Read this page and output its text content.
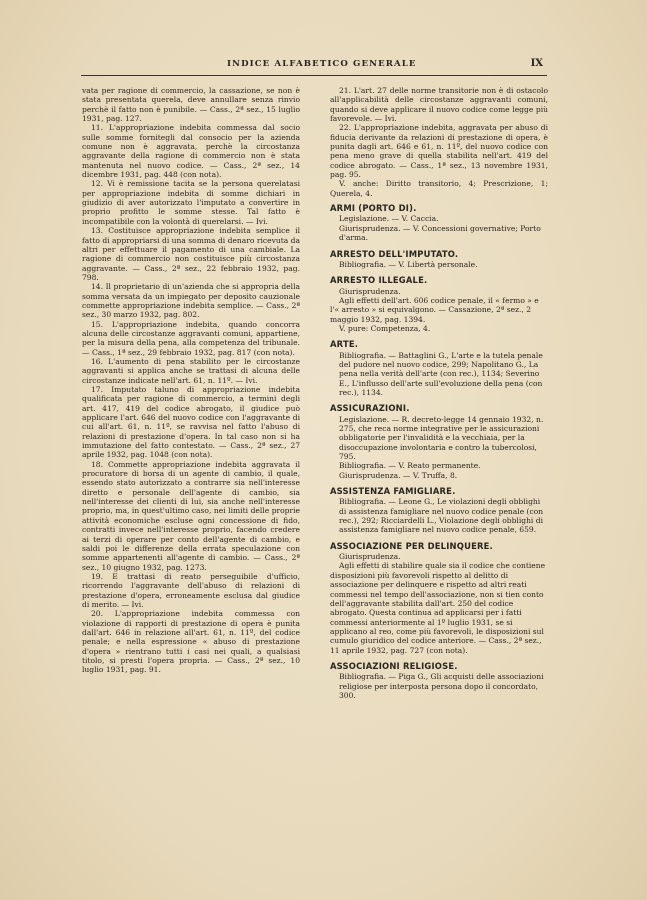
INDICE ALFABETICO GENERALE	IX

vata per ragione di commercio, la cassazione, se non è stata presentata querela, deve annullare senza rinvio perchè il fatto non è punibile. — Cass., 2ª sez., 15 luglio 1931, pag. 127.

11. L'appropriazione indebita commessa dal socio sulle somme fornitegli dal consocio per la azienda comune non è aggravata, perchè la circostanza aggravante della ragione di commercio non è stata mantenuta nel nuovo codice. — Cass., 2ª sez., 14 dicembre 1931, pag. 448 (con nota).

12. Vi è remissione tacita se la persona querelatasi per appropriazione indebita di somme dichiari in giudizio di aver autorizzato l'imputato a convertire in proprio profitto le somme stesse. Tal fatto è incompatibile con la volontà di querelarsi. — Ivi.

13. Costituisce appropriazione indebita semplice il fatto di appropriarsi di una somma di denaro ricevuta da altri per effettuare il pagamento di una cambiale. La ragione di commercio non costituisce più circostanza aggravante. — Cass., 2ª sez., 22 febbraio 1932, pag. 798.

14. Il proprietario di un'azienda che si appropria della somma versata da un impiegato per deposito cauzionale commette appropriazione indebita semplice. — Cass., 2ª sez., 30 marzo 1932, pag. 802.

15. L'appropriazione indebita, quando concorra alcuna delle circostanze aggravanti comuni, appartiene, per la misura della pena, alla competenza del tribunale. — Cass., 1ª sez., 29 febbraio 1932, pag. 817 (con nota).

16. L'aumento di pena stabilito per le circostanze aggravanti si applica anche se trattasi di alcuna delle circostanze indicate nell'art. 61, n. 11º. — Ivi.

17. Imputato taluno di appropriazione indebita qualificata per ragione di commercio, a termini degli art. 417, 419 del codice abrogato, il giudice può applicare l'art. 646 del nuovo codice con l'aggravante di cui all'art. 61, n. 11º, se ravvisa nel fatto l'abuso di relazioni di prestazione d'opera. In tal caso non si ha immutazione del fatto contestato. — Cass., 2ª sez., 27 aprile 1932, pag. 1048 (con nota).

18. Commette appropriazione indebita aggravata il procuratore di borsa di un agente di cambio, il quale, essendo stato autorizzato a contrarre sia nell'interesse diretto e personale dell'agente di cambio, sia nell'interesse dei clienti di lui, sia anche nell'interesse proprio, ma, in quest'ultimo caso, nei limiti delle proprie attività economiche escluse ogni concessione di fido, contratti invece nell'interesse proprio, facendo credere ai terzi di operare per conto dell'agente di cambio, e saldi poi le differenze della errata speculazione con somme appartenenti all'agente di cambio. — Cass., 2ª sez., 10 giugno 1932, pag. 1273.

19. E trattasi di reato perseguibile d'ufficio, ricorrendo l'aggravante dell'abuso di relazioni di prestazione d'opera, erroneamente esclusa dal giudice di merito. — Ivi.

20. L'appropriazione indebita commessa con violazione di rapporti di prestazione di opera è punita dall'art. 646 in relazione all'art. 61, n. 11º, del codice penale; e nella espressione « abuso di prestazione d'opera » rientrano tutti i casi nei quali, a qualsiasi titolo, si presti l'opera propria. — Cass., 2ª sez., 10 luglio 1931, pag. 91.

21. L'art. 27 delle norme transitorie non è di ostacolo all'applicabilità delle circostanze aggravanti comuni, quando si deve applicare il nuovo codice come legge più favorevole. — Ivi.

22. L'appropriazione indebita, aggravata per abuso di fiducia derivante da relazioni di prestazione di opera, è punita dagli art. 646 e 61, n. 11º, del nuovo codice con pena meno grave di quella stabilita nell'art. 419 del codice abrogato. — Cass., 1ª sez., 13 novembre 1931, pag. 95.

V. anche: Diritto transitorio, 4; Prescrizione, 1; Querela, 4.

ARMI (PORTO DI).

Legislazione. — V. Caccia.

Giurisprudenza. — V. Concessioni governative; Porto d'arma.

ARRESTO DELL'IMPUTATO.

Bibliografia. — V. Libertà personale.

ARRESTO ILLEGALE.

Giurisprudenza.

Agli effetti dell'art. 606 codice penale, il « fermo » e l'« arresto » si equivalgono. — Cassazione, 2ª sez., 2 maggio 1932, pag. 1394.

V. pure: Competenza, 4.

ARTE.

Bibliografia. — Battaglini G., L'arte e la tutela penale del pudore nel nuovo codice, 299; Napolitano G., La pena nella verità dell'arte (con rec.), 1134; Severino E., L'influsso dell'arte sull'evoluzione della pena (con rec.), 1134.

ASSICURAZIONI.

Legislazione. — R. decreto-legge 14 gennaio 1932, n. 275, che reca norme integrative per le assicurazioni obbligatorie per l'invalidità e la vecchiaia, per la disoccupazione involontaria e contro la tubercolosi, 795.

Bibliografia. — V. Reato permanente.

Giurisprudenza. — V. Truffa, 8.

ASSISTENZA FAMIGLIARE.

Bibliografia. — Leone G., Le violazioni degli obblighi di assistenza famigliare nel nuovo codice penale (con rec.), 292; Ricciardelli L., Violazione degli obblighi di assistenza famigliare nel nuovo codice penale, 659.

ASSOCIAZIONE PER DELINQUERE.

Giurisprudenza.

Agli effetti di stabilire quale sia il codice che contiene disposizioni più favorevoli rispetto al delitto di associazione per delinquere e rispetto ad altri reati commessi nel tempo dell'associazione, non si tien conto dell'aggravante stabilita dall'art. 250 del codice abrogato. Questa continua ad applicarsi per i fatti commessi anteriormente al 1º luglio 1931, se si applicano al reo, come più favorevoli, le disposizioni sul cumulo giuridico del codice anteriore. — Cass., 2ª sez., 11 aprile 1932, pag. 727 (con nota).

ASSOCIAZIONI RELIGIOSE.

Bibliografia. — Piga G., Gli acquisti delle associazioni religiose per interposta persona dopo il concordato, 300.
